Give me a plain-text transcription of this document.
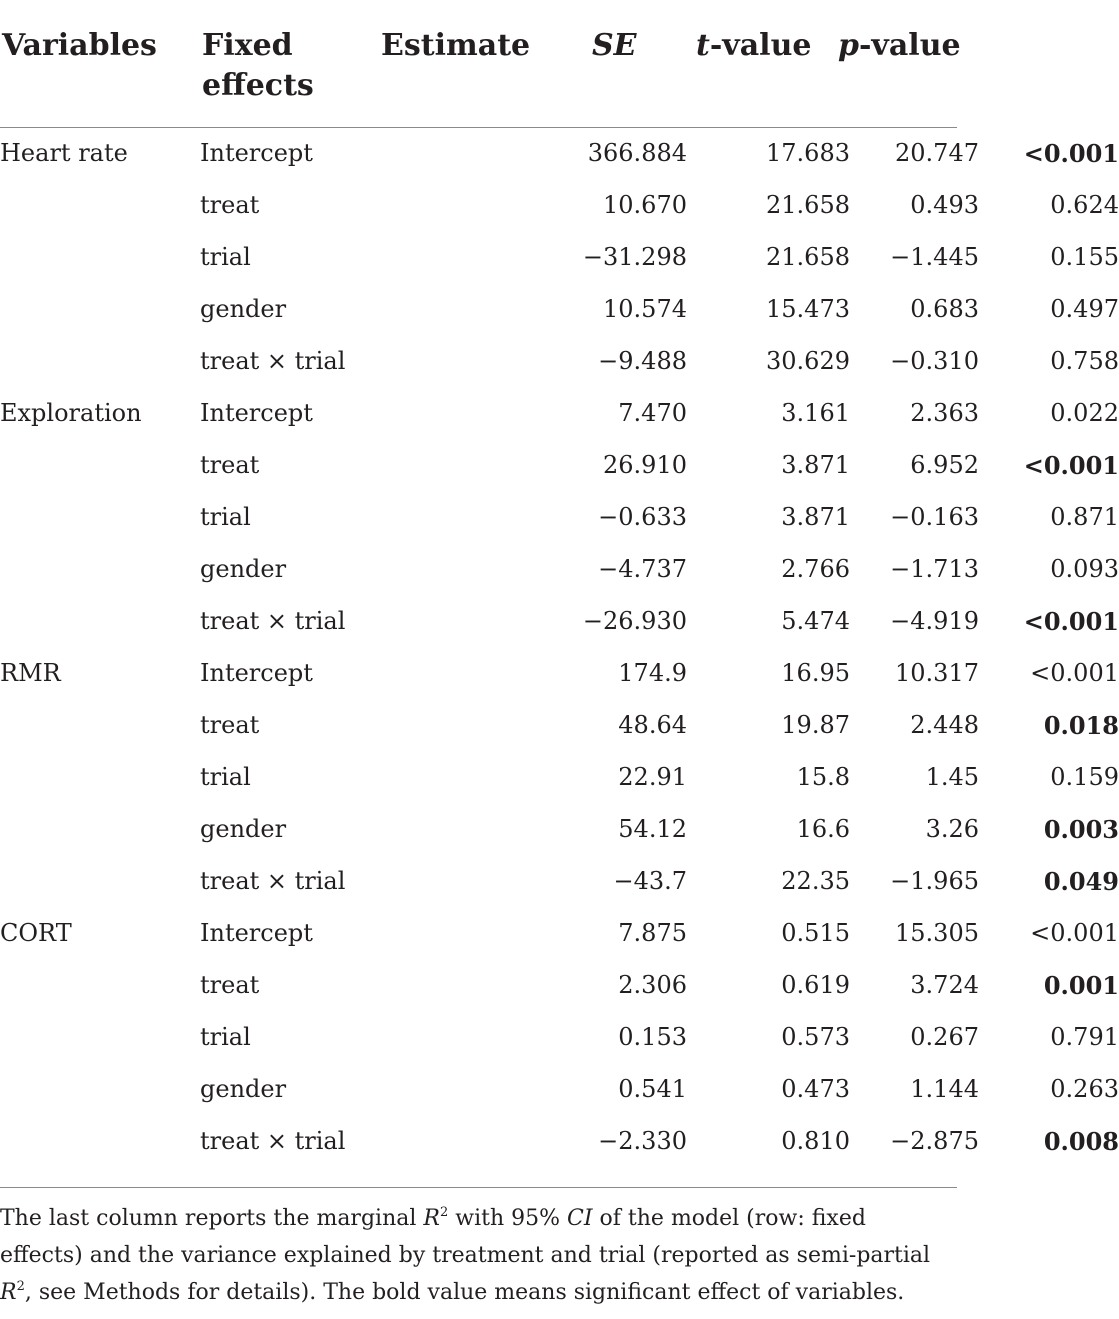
Variables Fixed
effects
Estimate SE t-value p-value
Heart rate	Intercept	366.884	17.683	20.747	<0.001
	treat	10.670	21.658	0.493	0.624
	trial	−31.298	21.658	−1.445	0.155
	gender	10.574	15.473	0.683	0.497
	treat × trial	−9.488	30.629	−0.310	0.758
Exploration	Intercept	7.470	3.161	2.363	0.022
	treat	26.910	3.871	6.952	<0.001
	trial	−0.633	3.871	−0.163	0.871
	gender	−4.737	2.766	−1.713	0.093
	treat × trial	−26.930	5.474	−4.919	<0.001
RMR	Intercept	174.9	16.95	10.317	<0.001
	treat	48.64	19.87	2.448	0.018
	trial	22.91	15.8	1.45	0.159
	gender	54.12	16.6	3.26	0.003
	treat × trial	−43.7	22.35	−1.965	0.049
CORT	Intercept	7.875	0.515	15.305	<0.001
	treat	2.306	0.619	3.724	0.001
	trial	0.153	0.573	0.267	0.791
	gender	0.541	0.473	1.144	0.263
	treat × trial	−2.330	0.810	−2.875	0.008
The last column reports the marginal $R^2$ with 95% CI of the model (row: fixed effects) and the variance explained by treatment and trial (reported as semi-partial $R^2$, see Methods for details). The bold value means significant effect of variables.
